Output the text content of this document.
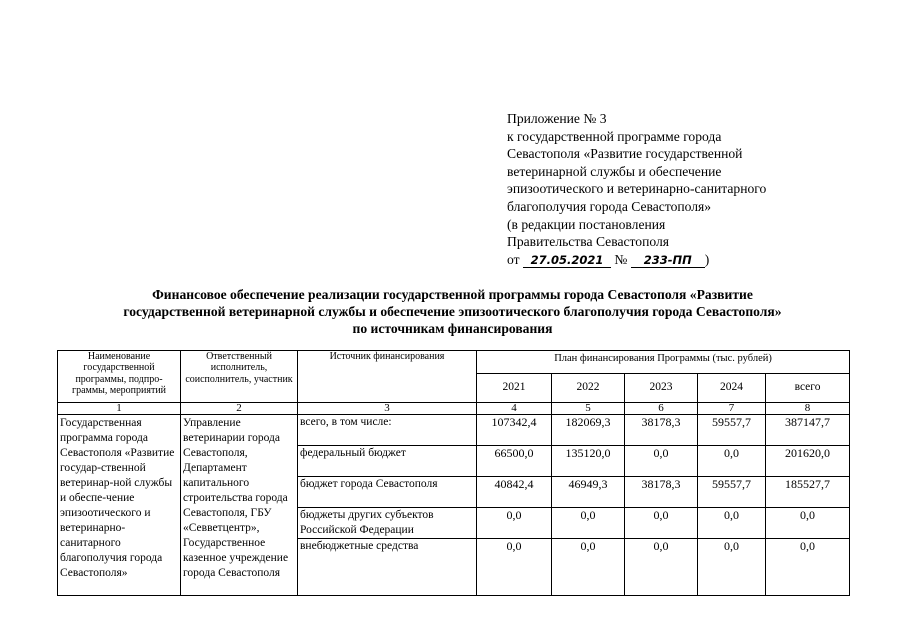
Приложение № 3
к государственной программе города
Севастополя «Развитие государственной
ветеринарной службы и обеспечение
эпизоотического и ветеринарно-санитарного
благополучия города Севастополя»
(в редакции постановления
Правительства Севастополя
от 27.05.2021 № 233-ПП )
Финансовое обеспечение реализации государственной программы города Севастополя «Развитие
государственной ветеринарной службы и обеспечение эпизоотического благополучия города Севастополя»
по источникам финансирования
Наименование государственной программы, подпро-граммы, мероприятий	Ответственный исполнитель, соисполнитель, участник	Источник финансирования	План финансирования Программы (тыс. рублей)				
			2021	2022	2023	2024	всего
1	2	3	4	5	6	7	8
Государственная программа города Севастополя «Развитие государ-ственной ветеринар-ной службы и обеспе-чение эпизоотического и ветеринарно-санитарного благополучия города Севастополя»	Управление ветеринарии города Севастополя, Департамент капитального строительства города Севастополя, ГБУ «Севветцентр», Государственное казенное учреждение города Севастополя	всего, в том числе:	107342,4	182069,3	38178,3	59557,7	387147,7
		федеральный бюджет	66500,0	135120,0	0,0	0,0	201620,0
		бюджет города Севастополя	40842,4	46949,3	38178,3	59557,7	185527,7
		бюджеты других субъектов Российской Федерации	0,0	0,0	0,0	0,0	0,0
		внебюджетные средства	0,0	0,0	0,0	0,0	0,0
